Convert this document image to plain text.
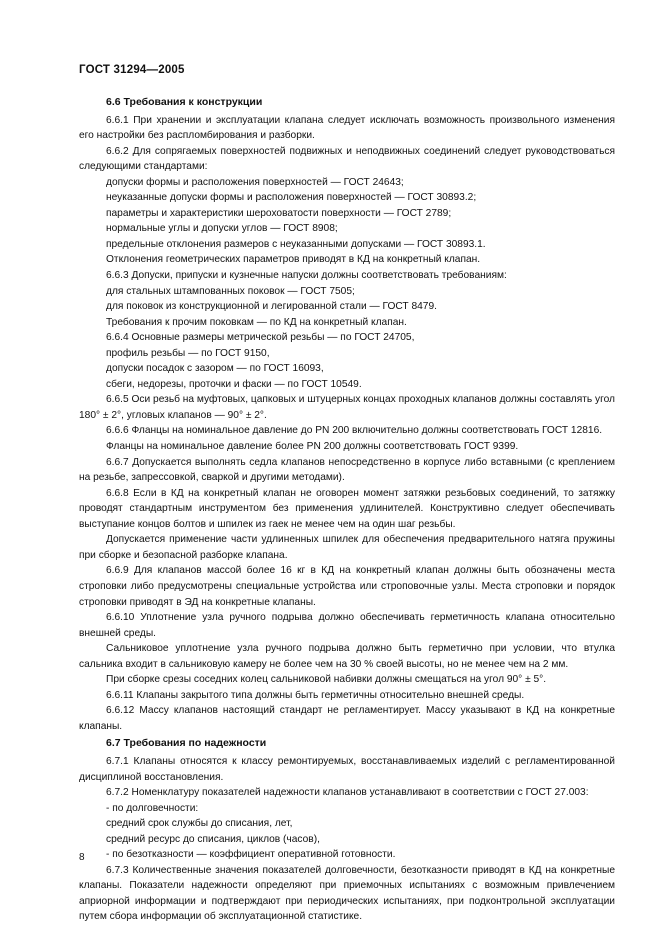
ГОСТ 31294—2005

6.6 Требования к конструкции

6.6.1 При хранении и эксплуатации клапана следует исключать возможность произвольного изменения его настройки без распломбирования и разборки.

6.6.2 Для сопрягаемых поверхностей подвижных и неподвижных соединений следует руководствоваться следующими стандартами:

допуски формы и расположения поверхностей — ГОСТ 24643;

неуказанные допуски формы и расположения поверхностей — ГОСТ 30893.2;

параметры и характеристики шероховатости поверхности — ГОСТ 2789;

нормальные углы и допуски углов — ГОСТ 8908;

предельные отклонения размеров с неуказанными допусками — ГОСТ 30893.1.

Отклонения геометрических параметров приводят в КД на конкретный клапан.

6.6.3 Допуски, припуски и кузнечные напуски должны соответствовать требованиям:

для стальных штампованных поковок — ГОСТ 7505;

для поковок из конструкционной и легированной стали — ГОСТ 8479.

Требования к прочим поковкам — по КД на конкретный клапан.

6.6.4 Основные размеры метрической резьбы — по ГОСТ 24705,

профиль резьбы — по ГОСТ 9150,

допуски посадок с зазором — по ГОСТ 16093,

сбеги, недорезы, проточки и фаски — по ГОСТ 10549.

6.6.5 Оси резьб на муфтовых, цапковых и штуцерных концах проходных клапанов должны составлять угол 180° ± 2°, угловых клапанов — 90° ± 2°.

6.6.6 Фланцы на номинальное давление до PN 200 включительно должны соответствовать ГОСТ 12816.

Фланцы на номинальное давление более PN 200 должны соответствовать ГОСТ 9399.

6.6.7 Допускается выполнять седла клапанов непосредственно в корпусе либо вставными (с креплением на резьбе, запрессовкой, сваркой и другими методами).

6.6.8 Если в КД на конкретный клапан не оговорен момент затяжки резьбовых соединений, то затяжку проводят стандартным инструментом без применения удлинителей. Конструктивно следует обеспечивать выступание концов болтов и шпилек из гаек не менее чем на один шаг резьбы.

Допускается применение части удлиненных шпилек для обеспечения предварительного натяга пружины при сборке и безопасной разборке клапана.

6.6.9 Для клапанов массой более 16 кг в КД на конкретный клапан должны быть обозначены места строповки либо предусмотрены специальные устройства или строповочные узлы. Места строповки и порядок строповки приводят в ЭД на конкретные клапаны.

6.6.10 Уплотнение узла ручного подрыва должно обеспечивать герметичность клапана относительно внешней среды.

Сальниковое уплотнение узла ручного подрыва должно быть герметично при условии, что втулка сальника входит в сальниковую камеру не более чем на 30 % своей высоты, но не менее чем на 2 мм.

При сборке срезы соседних колец сальниковой набивки должны смещаться на угол 90° ± 5°.

6.6.11 Клапаны закрытого типа должны быть герметичны относительно внешней среды.

6.6.12 Массу клапанов настоящий стандарт не регламентирует. Массу указывают в КД на конкретные клапаны.

6.7 Требования по надежности

6.7.1 Клапаны относятся к классу ремонтируемых, восстанавливаемых изделий с регламентированной дисциплиной восстановления.

6.7.2 Номенклатуру показателей надежности клапанов устанавливают в соответствии с ГОСТ 27.003:

- по долговечности:

средний срок службы до списания, лет,

средний ресурс до списания, циклов (часов),

- по безотказности — коэффициент оперативной готовности.

6.7.3 Количественные значения показателей долговечности, безотказности приводят в КД на конкретные клапаны. Показатели надежности определяют при приемочных испытаниях с возможным привлечением априорной информации и подтверждают при периодических испытаниях, при подконтрольной эксплуатации путем сбора информации об эксплуатационной статистике.

8
